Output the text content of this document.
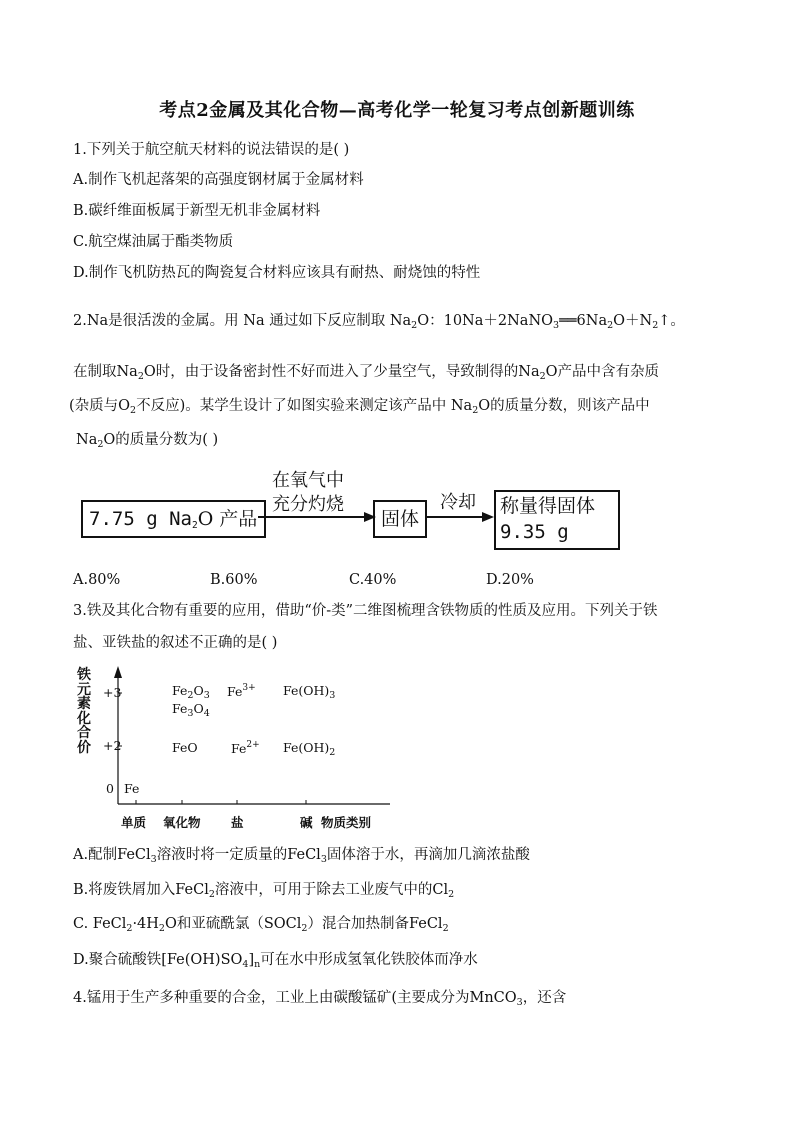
考点2金属及其化合物—高考化学一轮复习考点创新题训练
1.下列关于航空航天材料的说法错误的是( )
A.制作飞机起落架的高强度钢材属于金属材料
B.碳纤维面板属于新型无机非金属材料
C.航空煤油属于酯类物质
D.制作飞机防热瓦的陶瓷复合材料应该具有耐热、耐烧蚀的特性
2.Na是很活泼的金属。用 Na 通过如下反应制取 $Na_2O$：$10Na+2NaNO_3══6Na_2O+N_2↑$。
在制取$Na_2O$时，由于设备密封性不好而进入了少量空气，导致制得的$Na_2O$产品中含有杂质
(杂质与$O_2$不反应)。某学生设计了如图实验来测定该产品中 $Na_2O$的质量分数，则该产品中
$Na_2O$的质量分数为( )
7.75 g $Na_2O$ 产品
在氧气中
充分灼烧
固体
冷却 称量得固体
9.35 g
A.80%	B.60%	C.40%	D.20%
3.铁及其化合物有重要的应用，借助“价-类”二维图梳理含铁物质的性质及应用。下列关于铁
盐、亚铁盐的叙述不正确的是( )
铁
元
素
化
合
价
+3
+2
0
$Fe_2O_3$
$Fe_3O_4$
$Fe^{3+}$ $Fe(OH)_3$
FeO	$Fe^{2+}$ $Fe(OH)_2$
Fe
单质 氧化物 盐	碱 物质类别
A.配制FeCl$_3$溶液时将一定质量的FeCl$_3$固体溶于水，再滴加几滴浓盐酸
B.将废铁屑加入FeCl$_2$溶液中，可用于除去工业废气中的$Cl_2$
C. $FeCl_2\cdot 4H_2O$和亚硫酰氯（SOCl$_2$）混合加热制备FeCl$_2$
D.聚合硫酸铁$[Fe(OH)SO_4]_n$可在水中形成氢氧化铁胶体而净水
4.锰用于生产多种重要的合金，工业上由碳酸锰矿(主要成分为MnCO$_3$，还含
